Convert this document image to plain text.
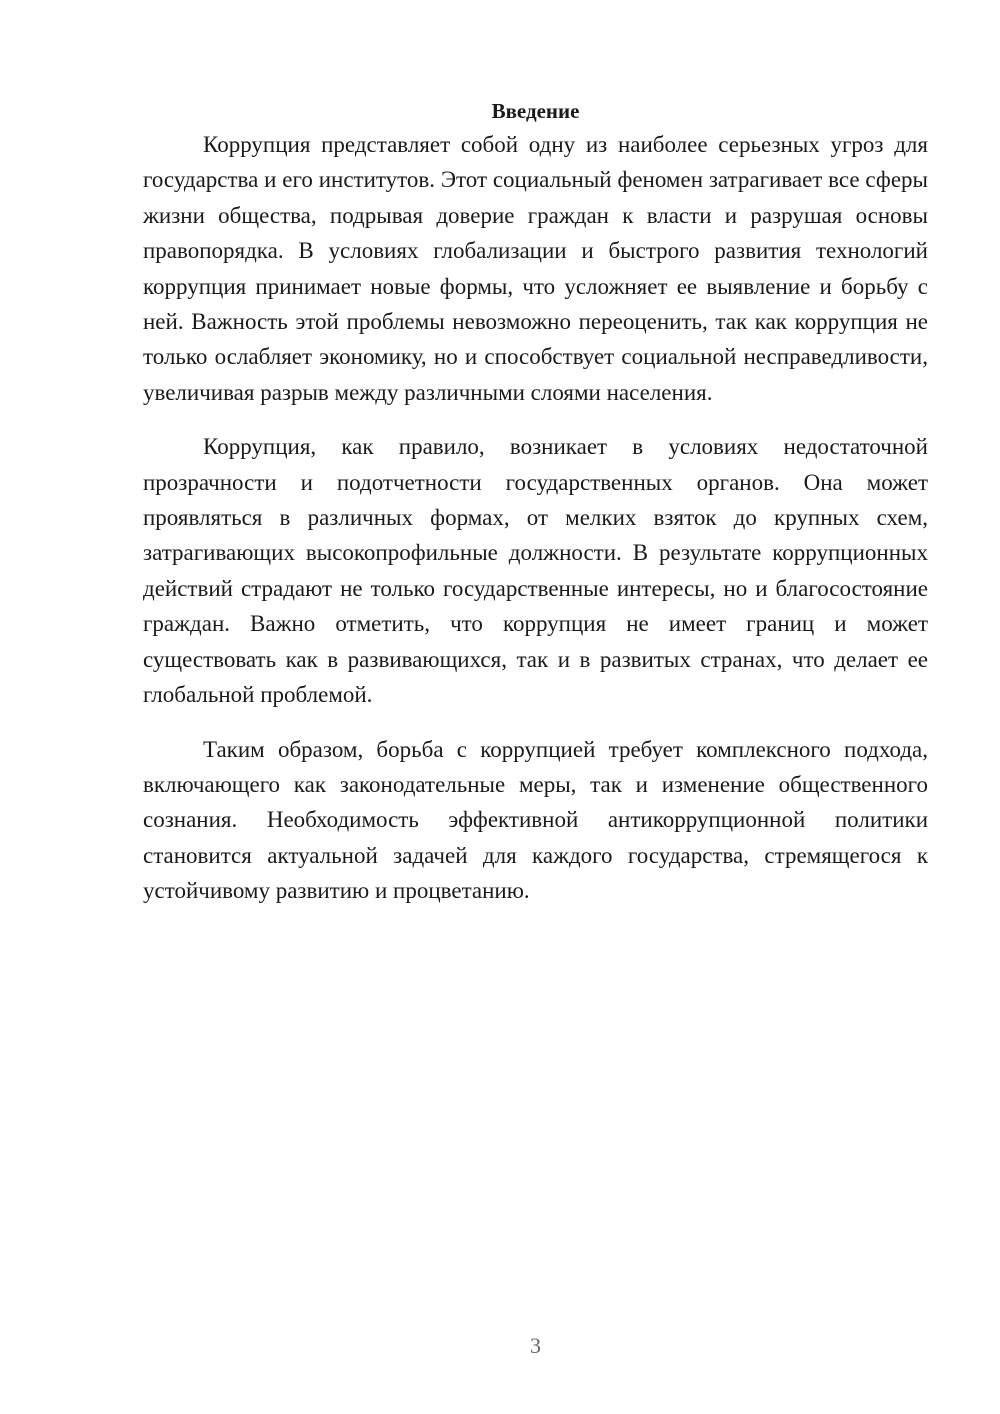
Введение

Коррупция представляет собой одну из наиболее серьезных угроз для государства и его институтов. Этот социальный феномен затрагивает все сферы жизни общества, подрывая доверие граждан к власти и разрушая основы правопорядка. В условиях глобализации и быстрого развития технологий коррупция принимает новые формы, что усложняет ее выявление и борьбу с ней. Важность этой проблемы невозможно переоценить, так как коррупция не только ослабляет экономику, но и способствует социальной несправедливости, увеличивая разрыв между различными слоями населения.

Коррупция, как правило, возникает в условиях недостаточной прозрачности и подотчетности государственных органов. Она может проявляться в различных формах, от мелких взяток до крупных схем, затрагивающих высокопрофильные должности. В результате коррупционных действий страдают не только государственные интересы, но и благосостояние граждан. Важно отметить, что коррупция не имеет границ и может существовать как в развивающихся, так и в развитых странах, что делает ее глобальной проблемой.

Таким образом, борьба с коррупцией требует комплексного подхода, включающего как законодательные меры, так и изменение общественного сознания. Необходимость эффективной антикоррупционной политики становится актуальной задачей для каждого государства, стремящегося к устойчивому развитию и процветанию.

3
